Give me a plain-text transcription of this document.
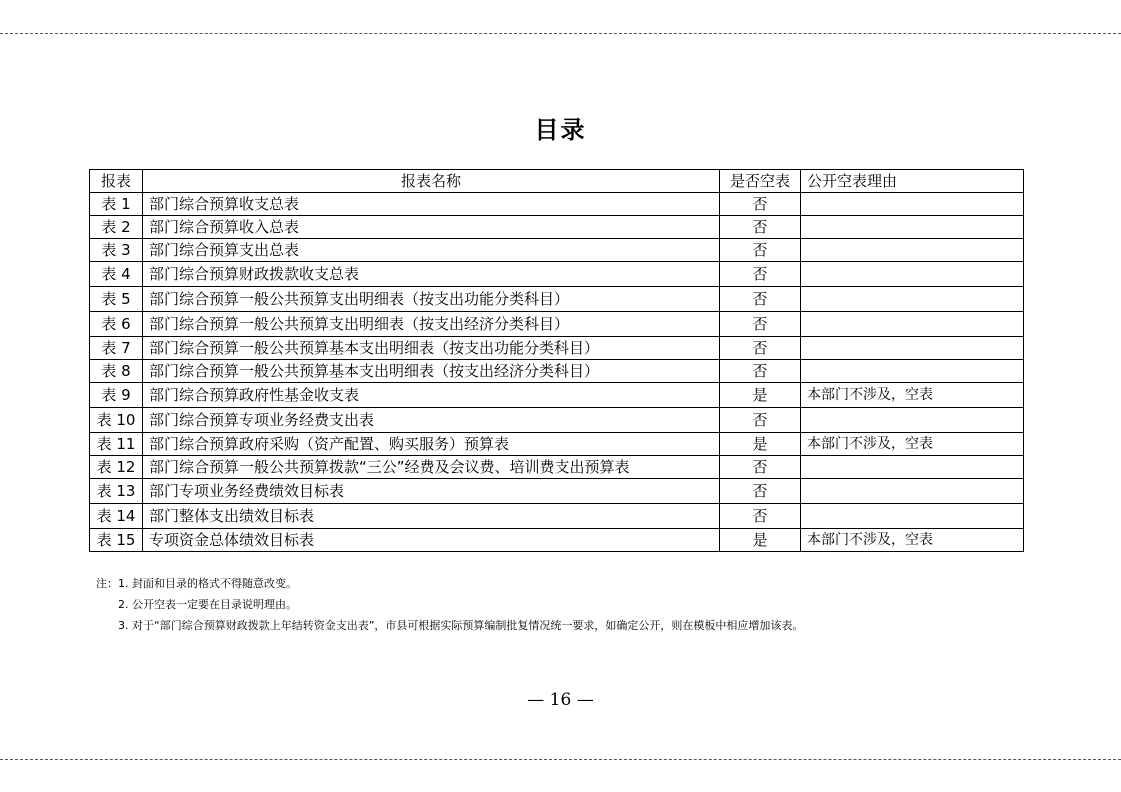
目录
报表	报表名称	是否空表	公开空表理由
表 1	部门综合预算收支总表	否	
表 2	部门综合预算收入总表	否	
表 3	部门综合预算支出总表	否	
表 4	部门综合预算财政拨款收支总表	否	
表 5	部门综合预算一般公共预算支出明细表（按支出功能分类科目）	否	
表 6	部门综合预算一般公共预算支出明细表（按支出经济分类科目）	否	
表 7	部门综合预算一般公共预算基本支出明细表（按支出功能分类科目）	否	
表 8	部门综合预算一般公共预算基本支出明细表（按支出经济分类科目）	否	
表 9	部门综合预算政府性基金收支表	是	本部门不涉及，空表
表 10	部门综合预算专项业务经费支出表	否	
表 11	部门综合预算政府采购（资产配置、购买服务）预算表	是	本部门不涉及，空表
表 12	部门综合预算一般公共预算拨款“三公”经费及会议费、培训费支出预算表	否	
表 13	部门专项业务经费绩效目标表	否	
表 14	部门整体支出绩效目标表	否	
表 15	专项资金总体绩效目标表	是	本部门不涉及，空表
注：1. 封面和目录的格式不得随意改变。
2. 公开空表一定要在目录说明理由。
3. 对于“部门综合预算财政拨款上年结转资金支出表”，市县可根据实际预算编制批复情况统一要求，如确定公开，则在模板中相应增加该表。
— 16 —
